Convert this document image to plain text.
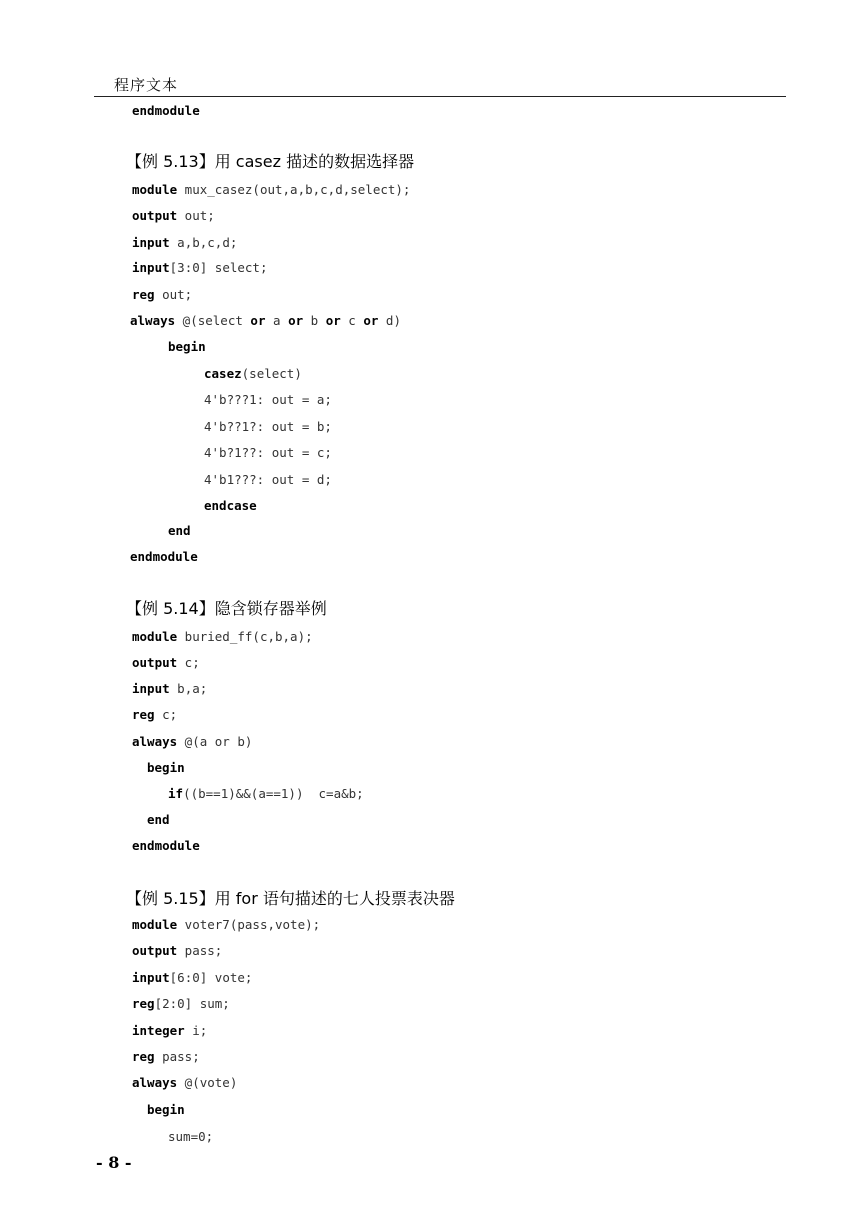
程序文本
endmodule
【例 5.13】用 casez 描述的数据选择器
module mux_casez(out,a,b,c,d,select);
output out;
input a,b,c,d;
input[3:0] select;
reg out;
always @(select or a or b or c or d)
begin
casez(select)
4'b???1: out = a;
4'b??1?: out = b;
4'b?1??: out = c;
4'b1???: out = d;
endcase
end
endmodule
【例 5.14】隐含锁存器举例
module buried_ff(c,b,a);
output c;
input b,a;
reg c;
always @(a or b)
begin
if((b==1)&&(a==1))  c=a&b;
end
endmodule
【例 5.15】用 for 语句描述的七人投票表决器
module voter7(pass,vote);
output pass;
input[6:0] vote;
reg[2:0] sum;
integer i;
reg pass;
always @(vote)
begin
sum=0;
- 8 -
